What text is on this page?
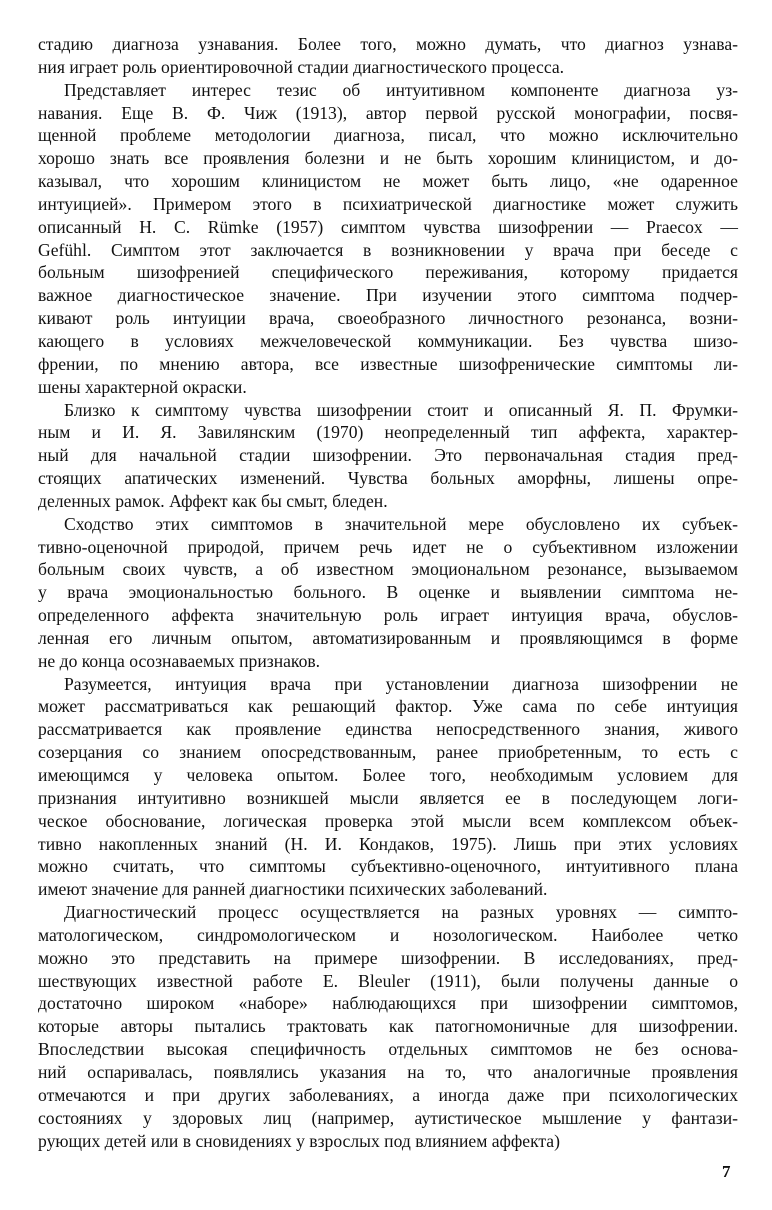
стадию диагноза узнавания. Более того, можно думать, что диагноз узнава-
ния играет роль ориентировочной стадии диагностического процесса.
Представляет интерес тезис об интуитивном компоненте диагноза уз-
навания. Еще В. Ф. Чиж (1913), автор первой русской монографии, посвя-
щенной проблеме методологии диагноза, писал, что можно исключительно
хорошо знать все проявления болезни и не быть хорошим клиницистом, и до-
казывал, что хорошим клиницистом не может быть лицо, «не одаренное
интуицией». Примером этого в психиатрической диагностике может служить
описанный H. C. Rümke (1957) симптом чувства шизофрении — Praecox —
Gefühl. Симптом этот заключается в возникновении у врача при беседе с
больным шизофренией специфического переживания, которому придается
важное диагностическое значение. При изучении этого симптома подчер-
кивают роль интуиции врача, своеобразного личностного резонанса, возни-
кающего в условиях межчеловеческой коммуникации. Без чувства шизо-
френии, по мнению автора, все известные шизофренические симптомы ли-
шены характерной окраски.
Близко к симптому чувства шизофрении стоит и описанный Я. П. Фрумки-
ным и И. Я. Завилянским (1970) неопределенный тип аффекта, характер-
ный для начальной стадии шизофрении. Это первоначальная стадия пред-
стоящих апатических изменений. Чувства больных аморфны, лишены опре-
деленных рамок. Аффект как бы смыт, бледен.
Сходство этих симптомов в значительной мере обусловлено их субъек-
тивно-оценочной природой, причем речь идет не о субъективном изложении
больным своих чувств, а об известном эмоциональном резонансе, вызываемом
у врача эмоциональностью больного. В оценке и выявлении симптома не-
определенного аффекта значительную роль играет интуиция врача, обуслов-
ленная его личным опытом, автоматизированным и проявляющимся в форме
не до конца осознаваемых признаков.
Разумеется, интуиция врача при установлении диагноза шизофрении не
может рассматриваться как решающий фактор. Уже сама по себе интуиция
рассматривается как проявление единства непосредственного знания, живого
созерцания со знанием опосредствованным, ранее приобретенным, то есть с
имеющимся у человека опытом. Более того, необходимым условием для
признания интуитивно возникшей мысли является ее в последующем логи-
ческое обоснование, логическая проверка этой мысли всем комплексом объек-
тивно накопленных знаний (Н. И. Кондаков, 1975). Лишь при этих условиях
можно считать, что симптомы субъективно-оценочного, интуитивного плана
имеют значение для ранней диагностики психических заболеваний.
Диагностический процесс осуществляется на разных уровнях — симпто-
матологическом, синдромологическом и нозологическом. Наиболее четко
можно это представить на примере шизофрении. В исследованиях, пред-
шествующих известной работе E. Bleuler (1911), были получены данные о
достаточно широком «наборе» наблюдающихся при шизофрении симптомов,
которые авторы пытались трактовать как патогномоничные для шизофрении.
Впоследствии высокая специфичность отдельных симптомов не без основа-
ний оспаривалась, появлялись указания на то, что аналогичные проявления
отмечаются и при других заболеваниях, а иногда даже при психологических
состояниях у здоровых лиц (например, аутистическое мышление у фантази-
рующих детей или в сновидениях у взрослых под влиянием аффекта)
7
